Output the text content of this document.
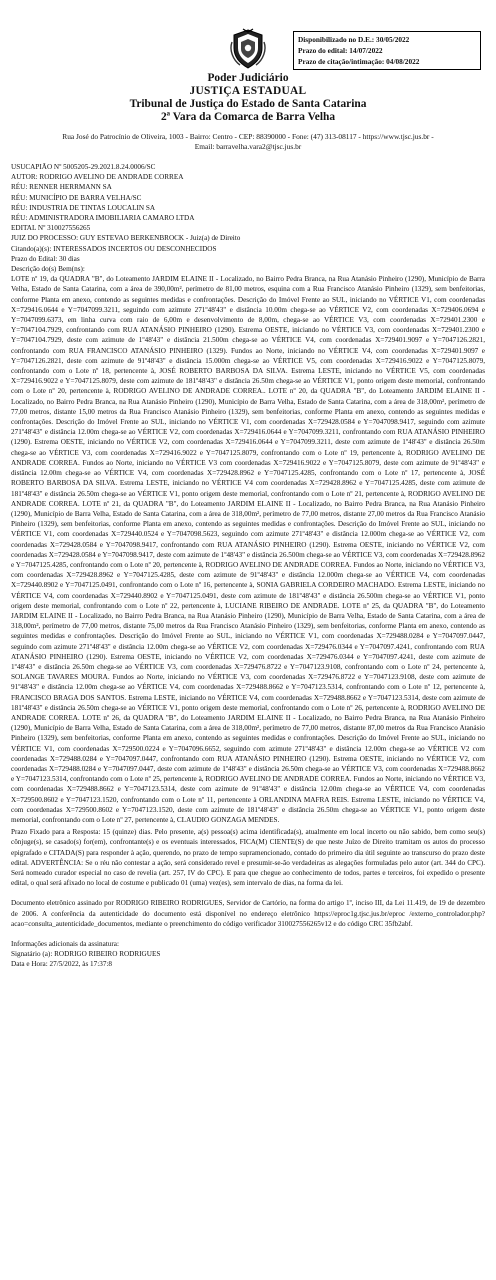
Disponibilizado no D.E.: 30/05/2022
Prazo do edital: 14/07/2022
Prazo de citação/intimação: 04/08/2022
Poder Judiciário
JUSTIÇA ESTADUAL
Tribunal de Justiça do Estado de Santa Catarina
2ª Vara da Comarca de Barra Velha
Rua José do Patrocínio de Oliveira, 1003 - Bairro: Centro - CEP: 88390000 - Fone: (47) 313-08117 - https://www.tjsc.jus.br - Email: barravelha.vara2@tjsc.jus.br
USUCAPIÃO Nº 5005205-29.2021.8.24.0006/SC
AUTOR: RODRIGO AVELINO DE ANDRADE CORREA
RÉU: RENNER HERRMANN SA
RÉU: MUNICÍPIO DE BARRA VELHA/SC
RÉU: INDUSTRIA DE TINTAS LOUCALIN SA
RÉU: ADMINISTRADORA IMOBILIARIA CAMARO LTDA
EDITAL Nº 310027556265
JUIZ DO PROCESSO: GUY ESTEVAO BERKENBROCK - Juiz(a) de Direito
Citando(a)(s): INTERESSADOS INCERTOS OU DESCONHECIDOS
Prazo do Edital: 30 dias
Descrição do(s) Bem(ns):
LOTE nº 19, da QUADRA "B", do Loteamento JARDIM ELAINE II - Localizado, no Bairro Pedra Branca, na Rua Atanásio Pinheiro (1290), Município de Barra Velha, Estado de Santa Catarina, com a área de 390,00m², perímetro de 81,00 metros, esquina com a Rua Francisco Atanásio Pinheiro (1329), sem benfeitorias, conforme Planta em anexo, contendo as seguintes medidas e confrontações. Descrição do Imóvel Frente ao SUL, iniciando no VÉRTICE V1, com coordenadas X=729416.0644 e Y=7047099.3211, seguindo com azimute 271º48'43" e distância 10.00m chega-se ao VÉRTICE V2, com coordenadas X=729406.0694 e Y=7047099.6373, em linha curva com raio de 6,00m e desenvolvimento de 8,00m, chega-se ao VÉRTICE V3, com coordenadas X=729401.2300 e Y=7047104.7929, confrontando com RUA ATANÁSIO PINHEIRO (1290). Estrema OESTE, iniciando no VÉRTICE V3, com coordenadas X=729401.2300 e Y=7047104.7929, deste com azimute de 1º48'43" e distância 21.500m chega-se ao VÉRTICE V4, com coordenadas X=729401.9097 e Y=7047126.2821, confrontando com RUA FRANCISCO ATANÁSIO PINHEIRO (1329). Fundos ao Norte, iniciando no VÉRTICE V4, com coordenadas X=729401.9097 e Y=7047126.2821, deste com azimute de 91º48'43" e distância 15.000m chega-se ao VÉRTICE V5, com coordenadas X=729416.9022 e Y=7047125.8079, confrontando com o Lote nº 18, pertencente à, JOSÉ ROBERTO BARBOSA DA SILVA. Estrema LESTE, iniciando no VÉRTICE V5, com coordenadas X=729416.9022 e Y=7047125.8079, deste com azimute de 181º48'43" e distância 26.50m chega-se ao VÉRTICE V1, ponto origem deste memorial, confrontando com o Lote nº 20, pertencente à, RODRIGO AVELINO DE ANDRADE CORREA.. LOTE nº 20, da QUADRA "B", do Loteamento JARDIM ELAINE II - Localizado, no Bairro Pedra Branca, na Rua Atanásio Pinheiro (1290), Município de Barra Velha, Estado de Santa Catarina, com a área de 318,00m², perímetro de 77,00 metros, distante 15,00 metros da Rua Francisco Atanásio Pinheiro (1329), sem benfeitorias, conforme Planta em anexo, contendo as seguintes medidas e confrontações. Descrição do Imóvel Frente ao SUL, iniciando no VÉRTICE V1, com coordenadas X=729428.0584 e Y=7047098.9417, seguindo com azimute 271º48'43" e distância 12.00m chega-se ao VÉRTICE V2, com coordenadas X=729416.0644 e Y=7047099.3211, confrontando com RUA ATANÁSIO PINHEIRO (1290). Estrema OESTE, iniciando no VÉRTICE V2, com coordenadas X=729416.0644 e Y=7047099.3211, deste com azimute de 1º48'43" e distância 26.50m chega-se ao VÉRTICE V3, com coordenadas X=729416.9022 e Y=7047125.8079, confrontando com o Lote nº 19, pertencente à, RODRIGO AVELINO DE ANDRADE CORREA. Fundos ao Norte, iniciando no VÉRTICE V3 com coordenadas X=729416.9022 e Y=7047125.8079, deste com azimute de 91º48'43" e distância 12.00m chega-se ao VÉRTICE V4, com coordenadas X=729428.8962 e Y=7047125.4285, confrontando com o Lote nº 17, pertencente à, JOSÉ ROBERTO BARBOSA DA SILVA. Estrema LESTE, iniciando no VÉRTICE V4 com coordenadas X=729428.8962 e Y=7047125.4285, deste com azimute de 181º48'43" e distância 26.50m chega-se ao VÉRTICE V1, ponto origem deste memorial, confrontando com o Lote nº 21, pertencente à, RODRIGO AVELINO DE ANDRADE CORREA. LOTE nº 21, da QUADRA "B", do Loteamento JARDIM ELAINE II - Localizado, no Bairro Pedra Branca, na Rua Atanásio Pinheiro (1290), Município de Barra Velha, Estado de Santa Catarina, com a área de 318,00m², perímetro de 77,00 metros, distante 27,00 metros da Rua Francisco Atanásio Pinheiro (1329), sem benfeitorias, conforme Planta em anexo, contendo as seguintes medidas e confrontações. Descrição do Imóvel Frente ao SUL, iniciando no VÉRTICE V1, com coordenadas X=729440.0524 e Y=7047098.5623, seguindo com azimute 271º48'43" e distância 12.000m chega-se ao VÉRTICE V2, com coordenadas X=729428.0584 e Y=7047098.9417, confrontando com RUA ATANÁSIO PINHEIRO (1290). Estrema OESTE, iniciando no VÉRTICE V2, com coordenadas X=729428.0584 e Y=7047098.9417, deste com azimute de 1º48'43" e distância 26.500m chega-se ao VÉRTICE V3, com coordenadas X=729428.8962 e Y=7047125.4285, confrontando com o Lote nº 20, pertencente à, RODRIGO AVELINO DE ANDRADE CORREA. Fundos ao Norte, iniciando no VÉRTICE V3, com coordenadas X=729428.8962 e Y=7047125.4285, deste com azimute de 91º48'43" e distância 12.000m chega-se ao VÉRTICE V4, com coordenadas X=729440.8902 e Y=7047125.0491, confrontando com o Lote nº 16, pertencente à, SONIA GABRIELA CORDEIRO MACHADO. Estrema LESTE, iniciando no VÉRTICE V4, com coordenadas X=729440.8902 e Y=7047125.0491, deste com azimute de 181º48'43" e distância 26.500m chega-se ao VÉRTICE V1, ponto origem deste memorial, confrontando com o Lote nº 22, pertencente à, LUCIANE RIBEIRO DE ANDRADE. LOTE nº 25, da QUADRA "B", do Loteamento JARDIM ELAINE II - Localizado, no Bairro Pedra Branca, na Rua Atanásio Pinheiro (1290), Município de Barra Velha, Estado de Santa Catarina, com a área de 318,00m², perímetro de 77,00 metros, distante 75,00 metros da Rua Francisco Atanásio Pinheiro (1329), sem benfeitorias, conforme Planta em anexo, contendo as seguintes medidas e confrontações. Descrição do Imóvel Frente ao SUL, iniciando no VÉRTICE V1, com coordenadas X=729488.0284 e Y=7047097.0447, seguindo com azimute 271º48'43" e distância 12.00m chega-se ao VÉRTICE V2, com coordenadas X=729476.0344 e Y=7047097.4241, confrontando com RUA ATANÁSIO PINHEIRO (1290). Estrema OESTE, iniciando no VÉRTICE V2, com coordenadas X=729476.0344 e Y=7047097.4241, deste com azimute de 1º48'43" e distância 26.50m chega-se ao VÉRTICE V3, com coordenadas X=729476.8722 e Y=7047123.9108, confrontando com o Lote nº 24, pertencente à, SOLANGE TAVARES MOURA. Fundos ao Norte, iniciando no VÉRTICE V3, com coordenadas X=729476.8722 e Y=7047123.9108, deste com azimute de 91º48'43" e distância 12.00m chega-se ao VÉRTICE V4, com coordenadas X=729488.8662 e Y=7047123.5314, confrontando com o Lote nº 12, pertencente à, FRANCISCO BRAGA DOS SANTOS. Estrema LESTE, iniciando no VÉRTICE V4, com coordenadas X=729488.8662 e Y=7047123.5314, deste com azimute de 181º48'43" e distância 26.50m chega-se ao VÉRTICE V1, ponto origem deste memorial, confrontando com o Lote nº 26, pertencente à, RODRIGO AVELINO DE ANDRADE CORREA. LOTE nº 26, da QUADRA "B", do Loteamento JARDIM ELAINE II - Localizado, no Bairro Pedra Branca, na Rua Atanásio Pinheiro (1290), Município de Barra Velha, Estado de Santa Catarina, com a área de 318,00m², perímetro de 77,00 metros, distante 87,00 metros da Rua Francisco Atanásio Pinheiro (1329), sem benfeitorias, conforme Planta em anexo, contendo as seguintes medidas e confrontações. Descrição do Imóvel Frente ao SUL, iniciando no VÉRTICE V1, com coordenadas X=729500.0224 e Y=7047096.6652, seguindo com azimute 271º48'43" e distância 12.00m chega-se ao VÉRTICE V2 com coordenadas X=729488.0284 e Y=7047097.0447, confrontando com RUA ATANÁSIO PINHEIRO (1290). Estrema OESTE, iniciando no VÉRTICE V2, com coordenadas X=729488.0284 e Y=7047097.0447, deste com azimute de 1º48'43" e distância 26.50m chega-se ao VÉRTICE V3, com coordenadas X=729488.8662 e Y=7047123.5314, confrontando com o Lote nº 25, pertencente à, RODRIGO AVELINO DE ANDRADE CORREA. Fundos ao Norte, iniciando no VÉRTICE V3, com coordenadas X=729488.8662 e Y=7047123.5314, deste com azimute de 91º48'43" e distância 12.00m chega-se ao VÉRTICE V4, com coordenadas X=729500.8602 e Y=7047123.1520, confrontando com o Lote nº 11, pertencente à ORLANDINA MAFRA REIS. Estrema LESTE, iniciando no VÉRTICE V4, com coordenadas X=729500.8602 e Y=7047123.1520, deste com azimute de 181º48'43" e distância 26.50m chega-se ao VÉRTICE V1, ponto origem deste memorial, confrontando com o Lote nº 27, pertencente à, CLAUDIO GONZAGA MENDES.
Prazo Fixado para a Resposta: 15 (quinze) dias. Pelo presente, a(s) pessoa(s) acima identificada(s), atualmente em local incerto ou não sabido, bem como seu(s) cônjuge(s), se casado(s) for(em), confrontante(s) e os eventuais interessados, FICA(M) CIENTE(S) de que neste Juízo de Direito tramitam os autos do processo epigrafado e CITADA(S) para responder à ação, querendo, no prazo de tempo supramencionado, contado do primeiro dia útil seguinte ao transcurso do prazo deste edital. ADVERTÊNCIA: Se o réu não contestar a ação, será considerado revel e presumir-se-ão verdadeiras as alegações formuladas pelo autor (art. 344 do CPC). Será nomeado curador especial no caso de revelia (art. 257, IV do CPC). E para que chegue ao conhecimento de todos, partes e terceiros, foi expedido o presente edital, o qual será afixado no local de costume e publicado 01 (uma) vez(es), sem intervalo de dias, na forma da lei.
Documento eletrônico assinado por RODRIGO RIBEIRO RODRIGUES, Servidor de Cartório, na forma do artigo 1º, inciso III, da Lei 11.419, de 19 de dezembro de 2006. A conferência da autenticidade do documento está disponível no endereço eletrônico https://eproc1g.tjsc.jus.br/eproc /externo_controlador.php?acao=consulta_autenticidade_documentos, mediante o preenchimento do código verificador 310027556265v12 e do código CRC 35fb2abf.
Informações adicionais da assinatura:
Signatário (a): RODRIGO RIBEIRO RODRIGUES
Data e Hora: 27/5/2022, às 17:37:8
